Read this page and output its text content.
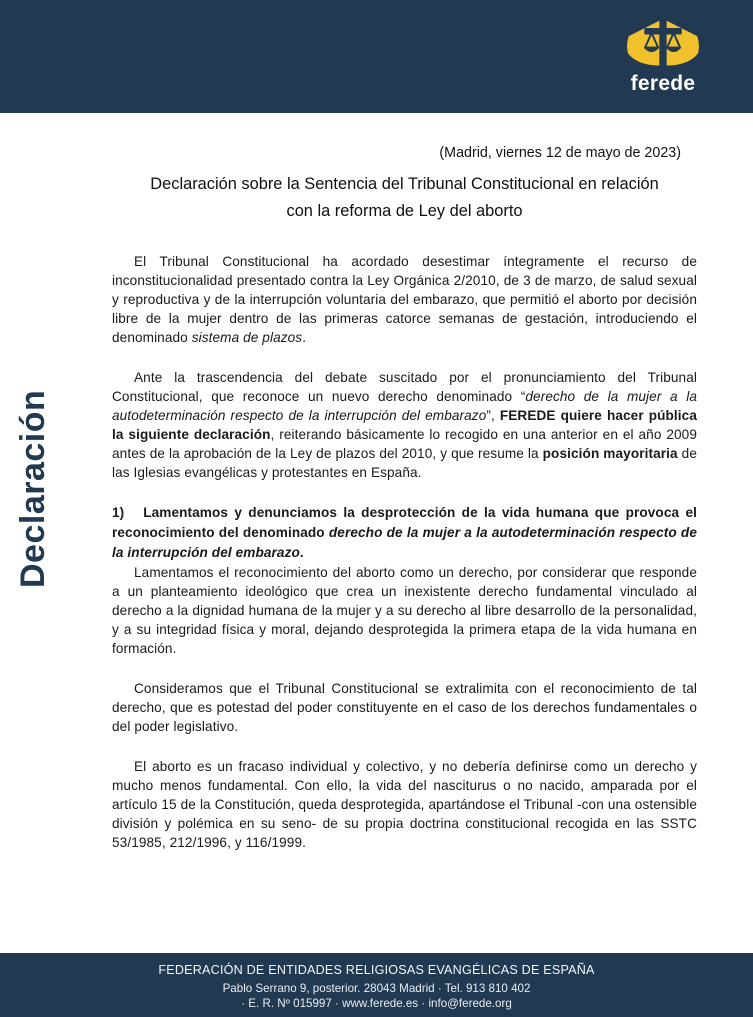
ferede
Declaración
(Madrid, viernes 12 de mayo de 2023)
Declaración sobre la Sentencia del Tribunal Constitucional en relación
con la reforma de Ley del aborto

El Tribunal Constitucional ha acordado desestimar íntegramente el recurso de inconstitucionalidad presentado contra la Ley Orgánica 2/2010, de 3 de marzo, de salud sexual y reproductiva y de la interrupción voluntaria del embarazo, que permitió el aborto por decisión libre de la mujer dentro de las primeras catorce semanas de gestación, introduciendo el denominado sistema de plazos.

Ante la trascendencia del debate suscitado por el pronunciamiento del Tribunal Constitucional, que reconoce un nuevo derecho denominado “derecho de la mujer a la autodeterminación respecto de la interrupción del embarazo”, FEREDE quiere hacer pública la siguiente declaración, reiterando básicamente lo recogido en una anterior en el año 2009 antes de la aprobación de la Ley de plazos del 2010, y que resume la posición mayoritaria de las Iglesias evangélicas y protestantes en España.

1)   Lamentamos y denunciamos la desprotección de la vida humana que provoca el reconocimiento del denominado derecho de la mujer a la autodeterminación respecto de la interrupción del embarazo.

Lamentamos el reconocimiento del aborto como un derecho, por considerar que responde a un planteamiento ideológico que crea un inexistente derecho fundamental vinculado al derecho a la dignidad humana de la mujer y a su derecho al libre desarrollo de la personalidad, y a su integridad física y moral, dejando desprotegida la primera etapa de la vida humana en formación.

Consideramos que el Tribunal Constitucional se extralimita con el reconocimiento de tal derecho, que es potestad del poder constituyente en el caso de los derechos fundamentales o del poder legislativo.

El aborto es un fracaso individual y colectivo, y no debería definirse como un derecho y mucho menos fundamental. Con ello, la vida del nasciturus o no nacido, amparada por el artículo 15 de la Constitución, queda desprotegida, apartándose el Tribunal -con una ostensible división y polémica en su seno- de su propia doctrina constitucional recogida en las SSTC 53/1985, 212/1996, y 116/1999.

FEDERACIÓN DE ENTIDADES RELIGIOSAS EVANGÉLICAS DE ESPAÑA
Pablo Serrano 9, posterior. 28043 Madrid · Tel. 913 810 402
· E. R. Nº 015997 · www.ferede.es · info@ferede.org
